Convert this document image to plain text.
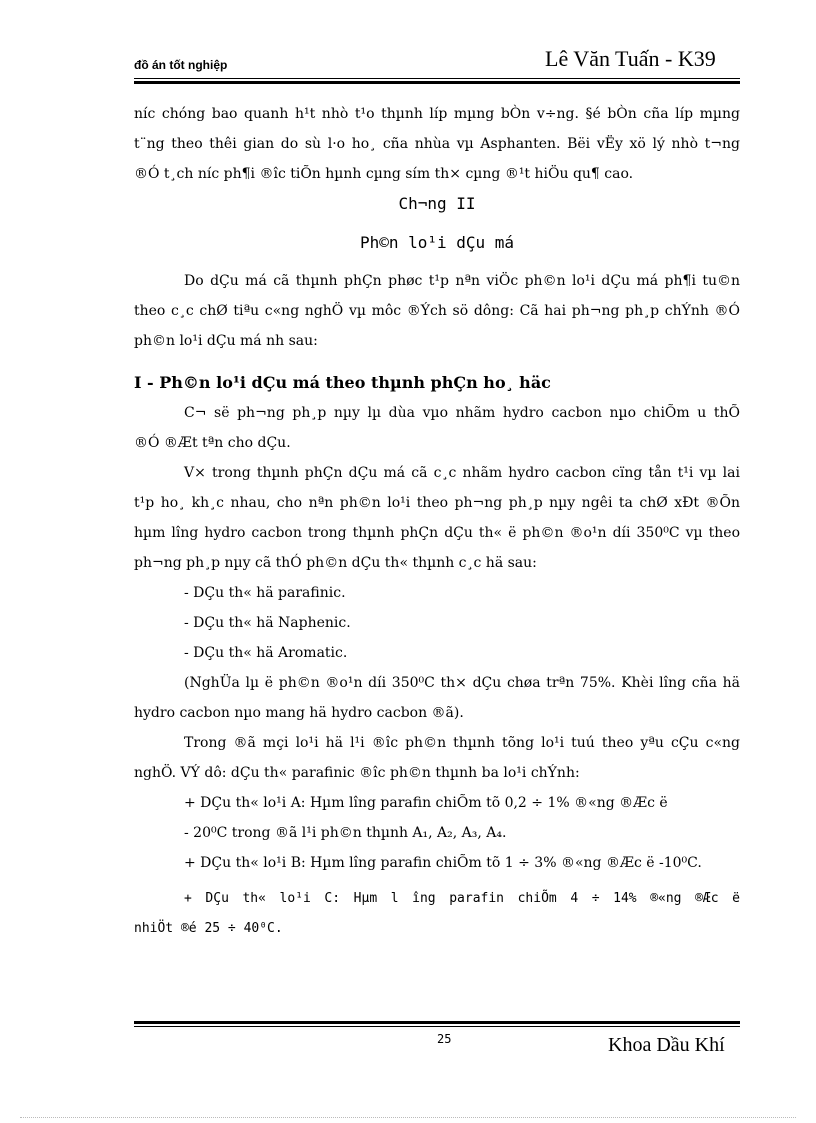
đồ án tốt nghiệp	Lê Văn Tuấn - K39
níc chóng bao quanh h¹t nhò t¹o thµnh líp mµng bÒn v÷ng. §é bÒn cña líp mµng
t¨ng theo thêi gian do sù l·o ho¸ cña nhùa vµ Asphanten. Bëi vËy xö lý nhò t¬ng
®Ó t¸ch níc ph¶i ®îc tiÕn hµnh cµng sím th× cµng ®¹t hiÖu qu¶ cao.
Ch¬ng II
Ph©n lo¹i dÇu má
Do dÇu má cã thµnh phÇn phøc t¹p nªn viÖc ph©n lo¹i dÇu má ph¶i tu©n
theo c¸c chØ tiªu c«ng nghÖ vµ môc ®Ých sö dông: Cã hai ph¬ng ph¸p chÝnh ®Ó
ph©n lo¹i dÇu má nh sau:
I - Ph©n lo¹i dÇu má theo thµnh phÇn ho¸ häc
C¬ së ph¬ng ph¸p nµy lµ dùa vµo nhãm hydro cacbon nµo chiÕm u thÕ
®Ó ®Æt tªn cho dÇu.
V× trong thµnh phÇn dÇu má cã c¸c nhãm hydro cacbon cïng tån t¹i vµ lai
t¹p ho¸ kh¸c nhau, cho nªn ph©n lo¹i theo ph¬ng ph¸p nµy ngêi ta chØ xÐt ®Õn
hµm lîng hydro cacbon trong thµnh phÇn dÇu th« ë ph©n ®o¹n díi 350⁰C vµ theo
ph¬ng ph¸p nµy cã thÓ ph©n dÇu th« thµnh c¸c hä sau:
- DÇu th« hä parafinic.
- DÇu th« hä Naphenic.
- DÇu th« hä Aromatic.
(NghÜa lµ ë ph©n ®o¹n díi 350⁰C th× dÇu chøa trªn 75%. Khèi lîng cña hä
hydro cacbon nµo mang hä hydro cacbon ®ã).
Trong ®ã mçi lo¹i hä l¹i ®îc ph©n thµnh tõng lo¹i tuú theo yªu cÇu c«ng
nghÖ. VÝ dô: dÇu th« parafinic ®îc ph©n thµnh ba lo¹i chÝnh:
+ DÇu th« lo¹i A: Hµm lîng parafin chiÕm tõ 0,2 ÷ 1% ®«ng ®Æc ë
- 20⁰C trong ®ã l¹i ph©n thµnh A₁, A₂, A₃, A₄.
+ DÇu th« lo¹i B: Hµm lîng parafin chiÕm tõ 1 ÷ 3% ®«ng ®Æc ë -10⁰C.
+ DÇu th« lo¹i C: Hµm l îng parafin chiÕm 4 ÷ 14% ®«ng ®Æc ë
nhiÖt ®é 25 ÷ 40⁰C.
25	Khoa Dầu Khí
